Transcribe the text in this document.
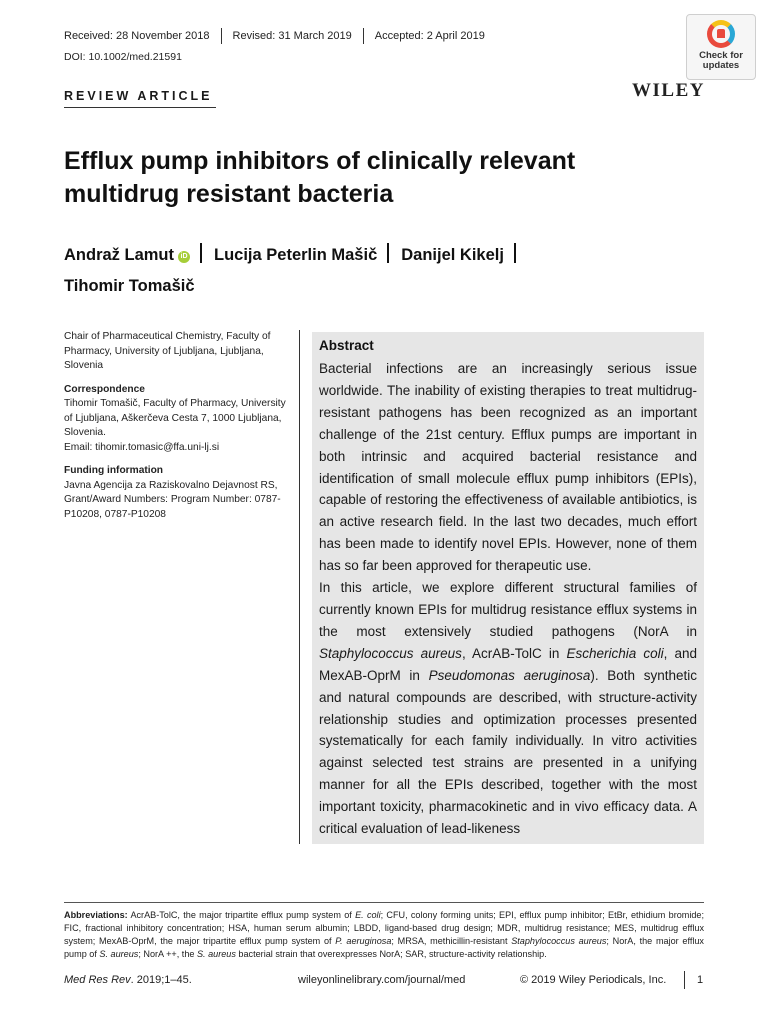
Received: 28 November 2018 Revised: 31 March 2019 Accepted: 2 April 2019
DOI: 10.1002/med.21591	Check for
updates
WILEY
REVIEW ARTICLE
Efflux pump inhibitors of clinically relevant multidrug resistant bacteria
Andraž Lamut iD Lucija Peterlin Mašič Danijel Kikelj
Tihomir Tomašič

Chair of Pharmaceutical Chemistry, Faculty of Pharmacy, University of Ljubljana, Ljubljana, Slovenia

Correspondence
Tihomir Tomašič, Faculty of Pharmacy, University of Ljubljana, Aškerčeva Cesta 7, 1000 Ljubljana, Slovenia.
Email: tihomir.tomasic@ffa.uni-lj.si

Funding information
Javna Agencija za Raziskovalno Dejavnost RS, Grant/Award Numbers: Program Number: 0787-P10208, 0787-P10208

Abstract
Bacterial infections are an increasingly serious issue worldwide. The inability of existing therapies to treat multidrug-resistant pathogens has been recognized as an important challenge of the 21st century. Efflux pumps are important in both intrinsic and acquired bacterial resistance and identification of small molecule efflux pump inhibitors (EPIs), capable of restoring the effectiveness of available antibiotics, is an active research field. In the last two decades, much effort has been made to identify novel EPIs. However, none of them has so far been approved for therapeutic use.
In this article, we explore different structural families of currently known EPIs for multidrug resistance efflux systems in the most extensively studied pathogens (NorA in Staphylococcus aureus, AcrAB-TolC in Escherichia coli, and MexAB-OprM in Pseudomonas aeruginosa). Both synthetic and natural compounds are described, with structure-activity relationship studies and optimization processes presented systematically for each family individually. In vitro activities against selected test strains are presented in a unifying manner for all the EPIs described, together with the most important toxicity, pharmacokinetic and in vivo efficacy data. A critical evaluation of lead-likeness
Abbreviations: AcrAB-TolC, the major tripartite efflux pump system of E. coli; CFU, colony forming units; EPI, efflux pump inhibitor; EtBr, ethidium bromide; FIC, fractional inhibitory concentration; HSA, human serum albumin; LBDD, ligand-based drug design; MDR, multidrug resistance; MES, multidrug efflux system; MexAB-OprM, the major tripartite efflux pump system of P. aeruginosa; MRSA, methicillin-resistant Staphylococcus aureus; NorA, the major efflux pump of S. aureus; NorA ++, the S. aureus bacterial strain that overexpresses NorA; SAR, structure-activity relationship.
Med Res Rev. 2019;1–45.	wileyonlinelibrary.com/journal/med	© 2019 Wiley Periodicals, Inc.	1
